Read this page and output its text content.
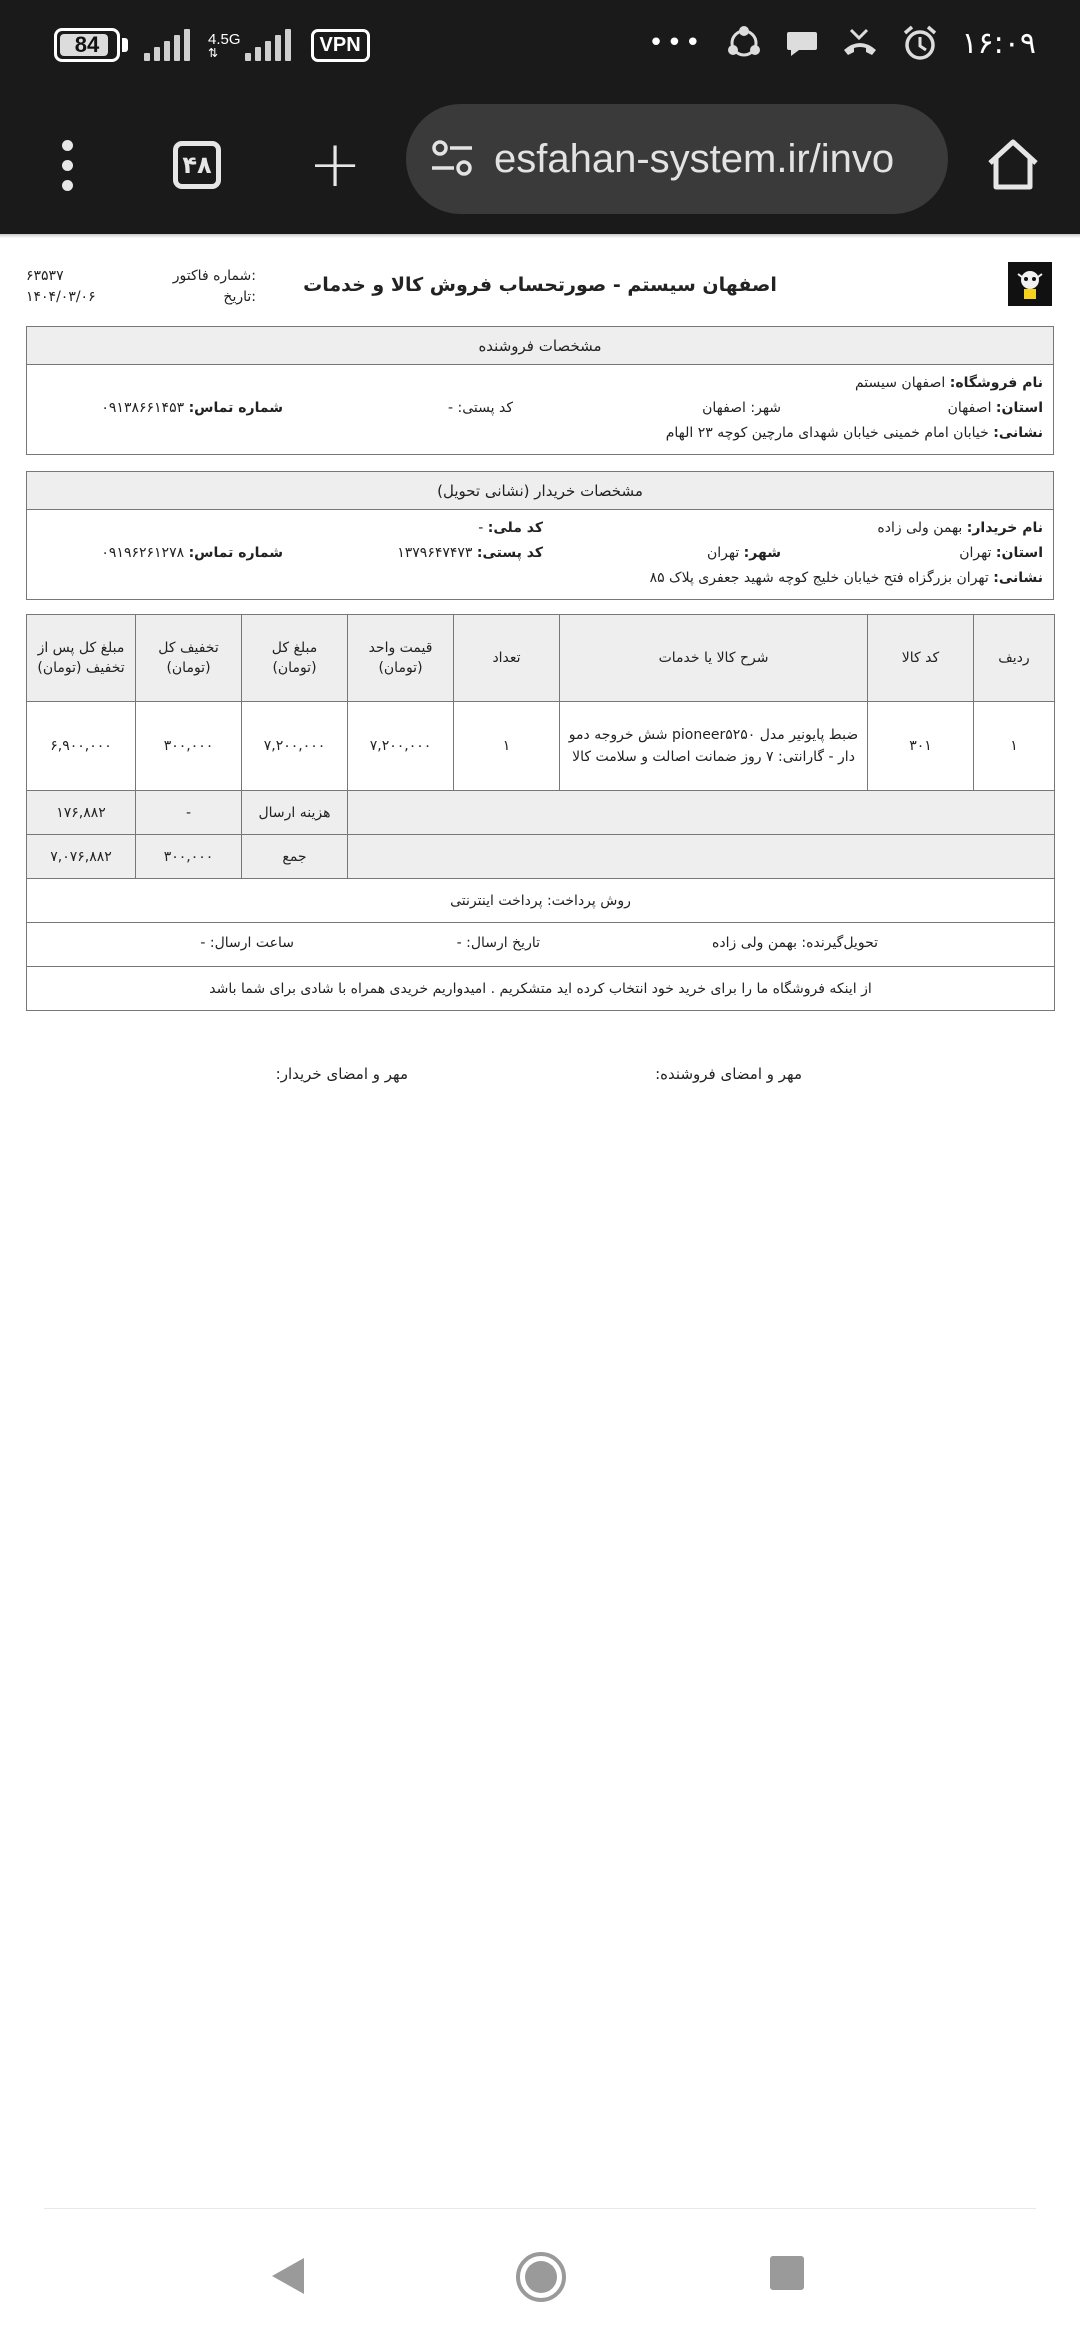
84	4.5G
⇅	VPN	•••	۱۶:۰۹
۴۸ +	esfahan-system.ir/invo
اصفهان سیستم - صورتحساب فروش کالا و خدمات
۶۳۵۳۷	شماره فاکتور:
۱۴۰۴/۰۳/۰۶	تاریخ:
مشخصات فروشنده
نام فروشگاه: اصفهان سیستم
استان: اصفهان
شهر: اصفهان
کد پستی: -
شماره تماس: ۰۹۱۳۸۶۶۱۴۵۳
نشانی: خیابان امام خمینی خیابان شهدای مارچین کوچه ۲۳ الهام
مشخصات خریدار (نشانی تحویل)
نام خریدار: بهمن ولی زاده
کد ملی: -
استان: تهران
شهر: تهران
کد پستی: ۱۳۷۹۶۴۷۴۷۳
شماره تماس: ۰۹۱۹۶۲۶۱۲۷۸
نشانی: تهران بزرگزاه فتح خیابان خلیج کوچه شهید جعفری پلاک ۸۵
ردیف	کد کالا	شرح کالا یا خدمات	تعداد	قیمت واحد (تومان)	مبلغ کل (تومان)	تخفیف کل (تومان)	مبلغ کل پس از تخفیف (تومان)
۱	۳۰۱	ضبط پایونیر مدل pioneer۵۲۵۰ شش خروجه دمو دار - گارانتی: ۷ روز ضمانت اصالت و سلامت کالا	۱	۷,۲۰۰,۰۰۰	۷,۲۰۰,۰۰۰	۳۰۰,۰۰۰	۶,۹۰۰,۰۰۰
					هزینه ارسال	-	۱۷۶,۸۸۲
					جمع	۳۰۰,۰۰۰	۷,۰۷۶,۸۸۲
روش پرداخت: پرداخت اینترنتی							

تحویل‌گیرنده: بهمن ولی زاده
تاریخ ارسال: -
ساعت ارسال: -							

از اینکه فروشگاه ما را برای خرید خود انتخاب کرده اید متشکریم . امیدواریم خریدی همراه با شادی برای شما باشد							
مهر و امضای فروشنده:
مهر و امضای خریدار:
